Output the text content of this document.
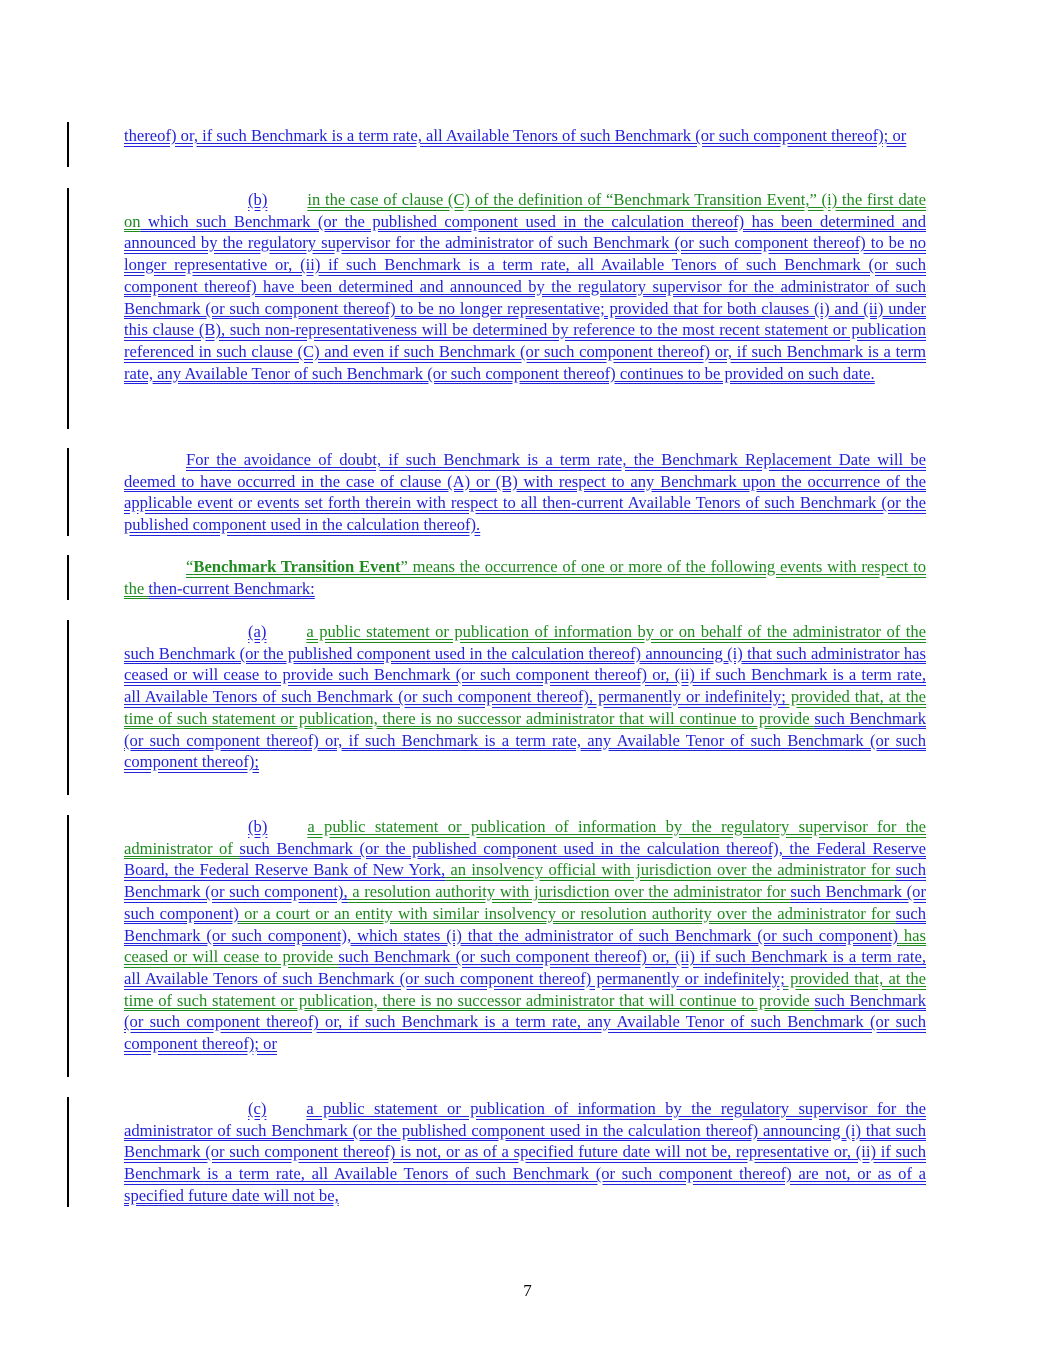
thereof) or, if such Benchmark is a term rate, all Available Tenors of such Benchmark (or such component thereof); or
(b) in the case of clause (C) of the definition of “Benchmark Transition Event,” (i) the first date on which such Benchmark (or the published component used in the calculation thereof) has been determined and announced by the regulatory supervisor for the administrator of such Benchmark (or such component thereof) to be no longer representative or, (ii) if such Benchmark is a term rate, all Available Tenors of such Benchmark (or such component thereof) have been determined and announced by the regulatory supervisor for the administrator of such Benchmark (or such component thereof) to be no longer representative; provided that for both clauses (i) and (ii) under this clause (B), such non-representativeness will be determined by reference to the most recent statement or publication referenced in such clause (C) and even if such Benchmark (or such component thereof) or, if such Benchmark is a term rate, any Available Tenor of such Benchmark (or such component thereof) continues to be provided on such date.
For the avoidance of doubt, if such Benchmark is a term rate, the Benchmark Replacement Date will be deemed to have occurred in the case of clause (A) or (B) with respect to any Benchmark upon the occurrence of the applicable event or events set forth therein with respect to all then-current Available Tenors of such Benchmark (or the published component used in the calculation thereof).
“Benchmark Transition Event” means the occurrence of one or more of the following events with respect to the then-current Benchmark:
(a) a public statement or publication of information by or on behalf of the administrator of the such Benchmark (or the published component used in the calculation thereof) announcing (i) that such administrator has ceased or will cease to provide such Benchmark (or such component thereof) or, (ii) if such Benchmark is a term rate, all Available Tenors of such Benchmark (or such component thereof), permanently or indefinitely; provided that, at the time of such statement or publication, there is no successor administrator that will continue to provide such Benchmark (or such component thereof) or, if such Benchmark is a term rate, any Available Tenor of such Benchmark (or such component thereof);
(b) a public statement or publication of information by the regulatory supervisor for the administrator of such Benchmark (or the published component used in the calculation thereof), the Federal Reserve Board, the Federal Reserve Bank of New York, an insolvency official with jurisdiction over the administrator for such Benchmark (or such component), a resolution authority with jurisdiction over the administrator for such Benchmark (or such component) or a court or an entity with similar insolvency or resolution authority over the administrator for such Benchmark (or such component), which states (i) that the administrator of such Benchmark (or such component) has ceased or will cease to provide such Benchmark (or such component thereof) or, (ii) if such Benchmark is a term rate, all Available Tenors of such Benchmark (or such component thereof) permanently or indefinitely; provided that, at the time of such statement or publication, there is no successor administrator that will continue to provide such Benchmark (or such component thereof) or, if such Benchmark is a term rate, any Available Tenor of such Benchmark (or such component thereof); or
(c) a public statement or publication of information by the regulatory supervisor for the administrator of such Benchmark (or the published component used in the calculation thereof) announcing (i) that such Benchmark (or such component thereof) is not, or as of a specified future date will not be, representative or, (ii) if such Benchmark is a term rate, all Available Tenors of such Benchmark (or such component thereof) are not, or as of a specified future date will not be,
7
